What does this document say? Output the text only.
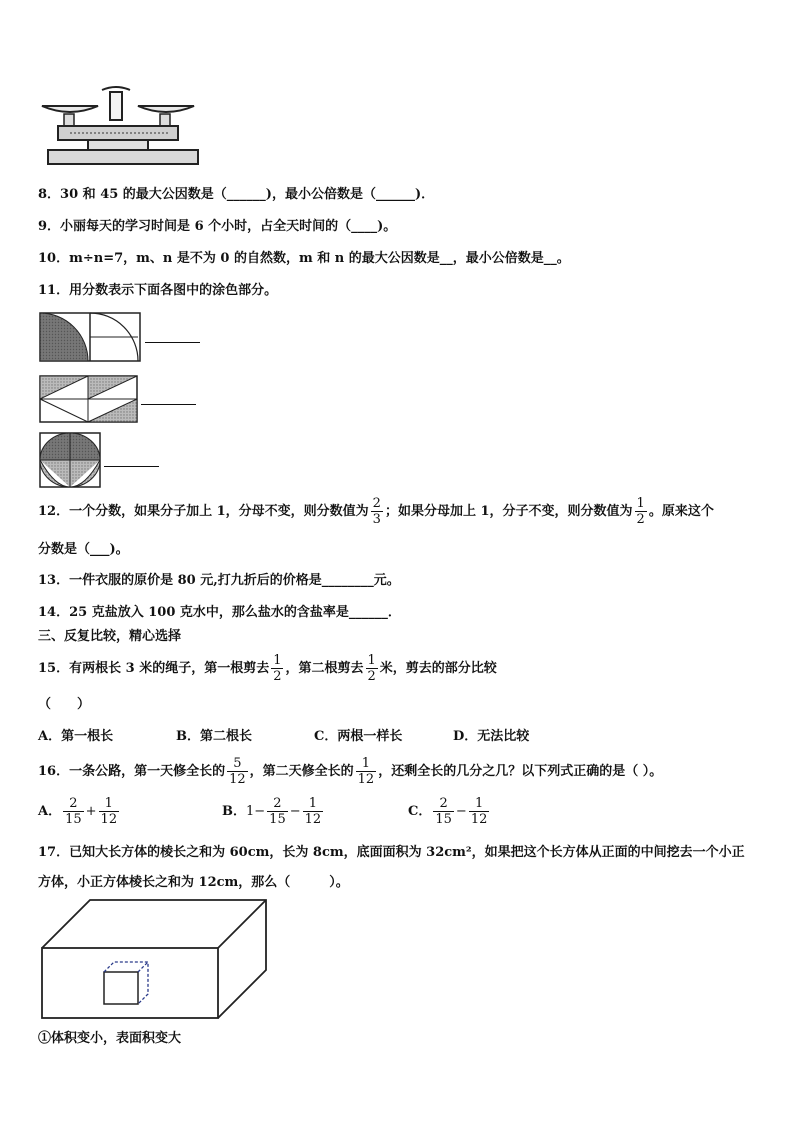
8．30 和 45 的最大公因数是（______)，最小公倍数是（______)．
9．小丽每天的学习时间是 6 个小时，占全天时间的（____)。
10．m÷n=7，m、n 是不为 0 的自然数，m 和 n 的最大公因数是__，最小公倍数是__。
11．用分数表示下面各图中的涂色部分。
12．一个分数，如果分子加上 1，分母不变，则分数值为 $\frac{2}{3}$ ；如果分母加上 1，分子不变，则分数值为 $\frac{1}{2}$ 。原来这个
分数是（___)。
13．一件衣服的原价是 80 元,打九折后的价格是________元。
14．25 克盐放入 100 克水中，那么盐水的含盐率是______．
三、反复比较，精心选择
15．有两根长 3 米的绳子，第一根剪去 $\frac{1}{2}$ ，第二根剪去 $\frac{1}{2}$ 米，剪去的部分比较
（　　）
A．第一根长	B．第二根长	C．两根一样长	D．无法比较
16．一条公路，第一天修全长的 $\frac{5}{12}$ ，第二天修全长的 $\frac{1}{12}$ ，还剩全长的几分之几？以下列式正确的是（ ）。
A． $\frac{2}{15} + \frac{1}{12}$	B．$1- \frac{2}{15} - \frac{1}{12}$	C． $\frac{2}{15} - \frac{1}{12}$
17．已知大长方体的棱长之和为 60cm，长为 8cm，底面面积为 32cm²，如果把这个长方体从正面的中间挖去一个小正
方体，小正方体棱长之和为 12cm，那么（　　　）。
①体积变小，表面积变大
